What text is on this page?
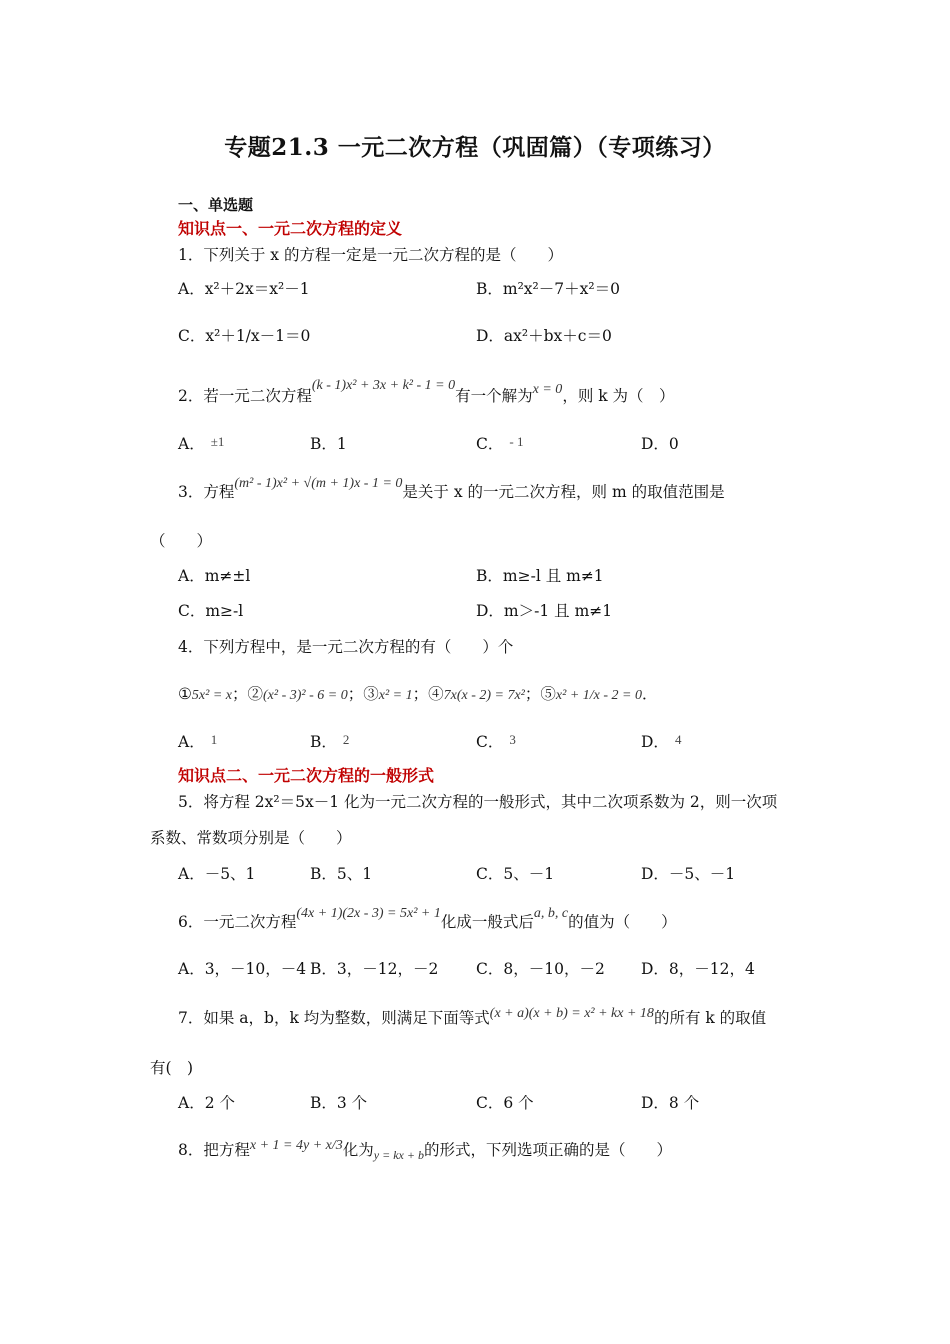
专题21.3 一元二次方程（巩固篇）（专项练习）
一、单选题
知识点一、一元二次方程的定义
1．下列关于 x 的方程一定是一元二次方程的是（　　）
A．x²＋2x＝x²－1	B．m²x²－7＋x²＝0
C．x²＋1/x－1＝0	D．ax²＋bx＋c＝0
2．若一元二次方程(k - 1)x² + 3x + k² - 1 = 0有一个解为x = 0，则 k 为（　）
A． ±1	B．1	C． - 1	D．0
3．方程(m² - 1)x² + √(m + 1)x - 1 = 0是关于 x 的一元二次方程，则 m 的取值范围是
（　　）
A．m≠±l	B．m≥-l 且 m≠1
C．m≥-l	D．m＞-1 且 m≠1
4．下列方程中，是一元二次方程的有（　　）个
①5x² = x；②(x² - 3)² - 6 = 0；③x² = 1；④7x(x - 2) = 7x²；⑤x² + 1/x - 2 = 0．
A． 1	B． 2	C． 3	D． 4
知识点二、一元二次方程的一般形式
5．将方程 2x²＝5x－1 化为一元二次方程的一般形式，其中二次项系数为 2，则一次项
系数、常数项分别是（　　）
A．－5、1	B．5、1	C．5、－1	D．－5、－1
6．一元二次方程(4x + 1)(2x - 3) = 5x² + 1化成一般式后a, b, c的值为（　　）
A．3，－10，－4 B．3，－12，－2 C．8，－10，－2 D．8，－12，4
7．如果 a，b，k 均为整数，则满足下面等式(x + a)(x + b) = x² + kx + 18的所有 k 的取值
有(　)
A．2 个	B．3 个	C．6 个	D．8 个
8．把方程x + 1 = 4y + x/3化为$_{y = kx + b}$的形式，下列选项正确的是（　　）
